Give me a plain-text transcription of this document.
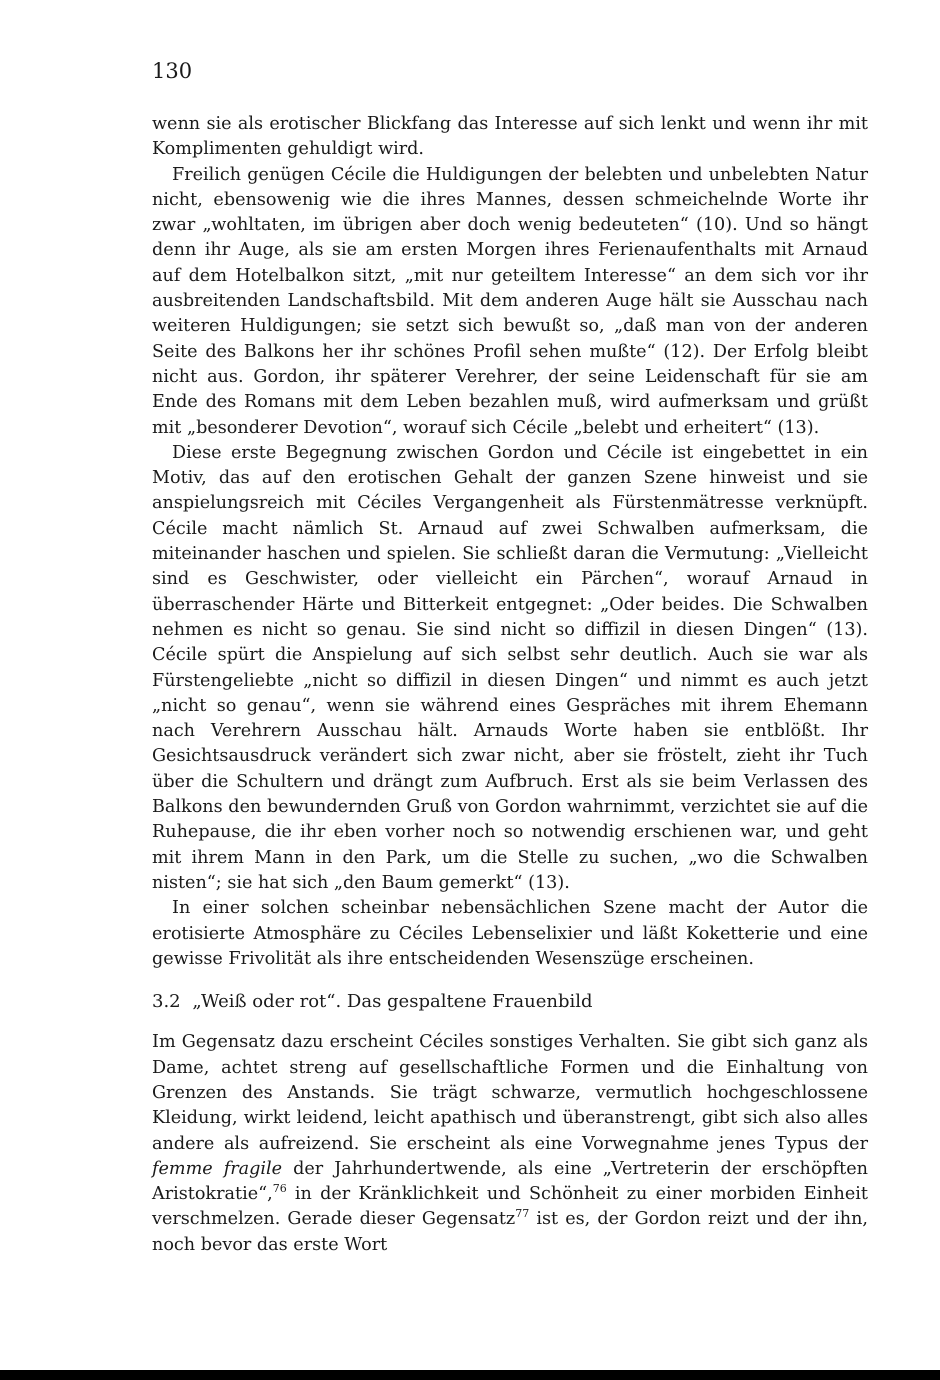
130

wenn sie als erotischer Blickfang das Interesse auf sich lenkt und wenn ihr mit Komplimenten gehuldigt wird.

Freilich genügen Cécile die Huldigungen der belebten und unbelebten Natur nicht, ebensowenig wie die ihres Mannes, dessen schmeichelnde Worte ihr zwar „wohltaten, im übrigen aber doch wenig bedeuteten“ (10). Und so hängt denn ihr Auge, als sie am ersten Morgen ihres Ferienaufenthalts mit Arnaud auf dem Hotelbalkon sitzt, „mit nur geteiltem Interesse“ an dem sich vor ihr ausbreitenden Landschaftsbild. Mit dem anderen Auge hält sie Ausschau nach weiteren Huldigungen; sie setzt sich bewußt so, „daß man von der anderen Seite des Balkons her ihr schönes Profil sehen mußte“ (12). Der Erfolg bleibt nicht aus. Gordon, ihr späterer Verehrer, der seine Leidenschaft für sie am Ende des Romans mit dem Leben bezahlen muß, wird aufmerksam und grüßt mit „besonderer Devotion“, worauf sich Cécile „belebt und erheitert“ (13).

Diese erste Begegnung zwischen Gordon und Cécile ist eingebettet in ein Motiv, das auf den erotischen Gehalt der ganzen Szene hinweist und sie anspielungsreich mit Céciles Vergangenheit als Fürstenmätresse verknüpft. Cécile macht nämlich St. Arnaud auf zwei Schwalben aufmerksam, die miteinander haschen und spielen. Sie schließt daran die Vermutung: „Vielleicht sind es Geschwister, oder vielleicht ein Pärchen“, worauf Arnaud in überraschender Härte und Bitterkeit entgegnet: „Oder beides. Die Schwalben nehmen es nicht so genau. Sie sind nicht so diffizil in diesen Dingen“ (13). Cécile spürt die Anspielung auf sich selbst sehr deutlich. Auch sie war als Fürstengeliebte „nicht so diffizil in diesen Dingen“ und nimmt es auch jetzt „nicht so genau“, wenn sie während eines Gespräches mit ihrem Ehemann nach Verehrern Ausschau hält. Arnauds Worte haben sie entblößt. Ihr Gesichtsausdruck verändert sich zwar nicht, aber sie fröstelt, zieht ihr Tuch über die Schultern und drängt zum Aufbruch. Erst als sie beim Verlassen des Balkons den bewundernden Gruß von Gordon wahrnimmt, verzichtet sie auf die Ruhepause, die ihr eben vorher noch so notwendig erschienen war, und geht mit ihrem Mann in den Park, um die Stelle zu suchen, „wo die Schwalben nisten“; sie hat sich „den Baum gemerkt“ (13).

In einer solchen scheinbar nebensächlichen Szene macht der Autor die erotisierte Atmosphäre zu Céciles Lebenselixier und läßt Koketterie und eine gewisse Frivolität als ihre entscheidenden Wesenszüge erscheinen.

3.2 „Weiß oder rot“. Das gespaltene Frauenbild

Im Gegensatz dazu erscheint Céciles sonstiges Verhalten. Sie gibt sich ganz als Dame, achtet streng auf gesellschaftliche Formen und die Einhaltung von Grenzen des Anstands. Sie trägt schwarze, vermutlich hochgeschlossene Kleidung, wirkt leidend, leicht apathisch und überanstrengt, gibt sich also alles andere als aufreizend. Sie erscheint als eine Vorwegnahme jenes Typus der femme fragile der Jahrhundertwende, als eine „Vertreterin der erschöpften Aristokratie“,$^{76}$ in der Kränklichkeit und Schönheit zu einer morbiden Einheit verschmelzen. Gerade dieser Gegensatz$^{77}$ ist es, der Gordon reizt und der ihn, noch bevor das erste Wort
